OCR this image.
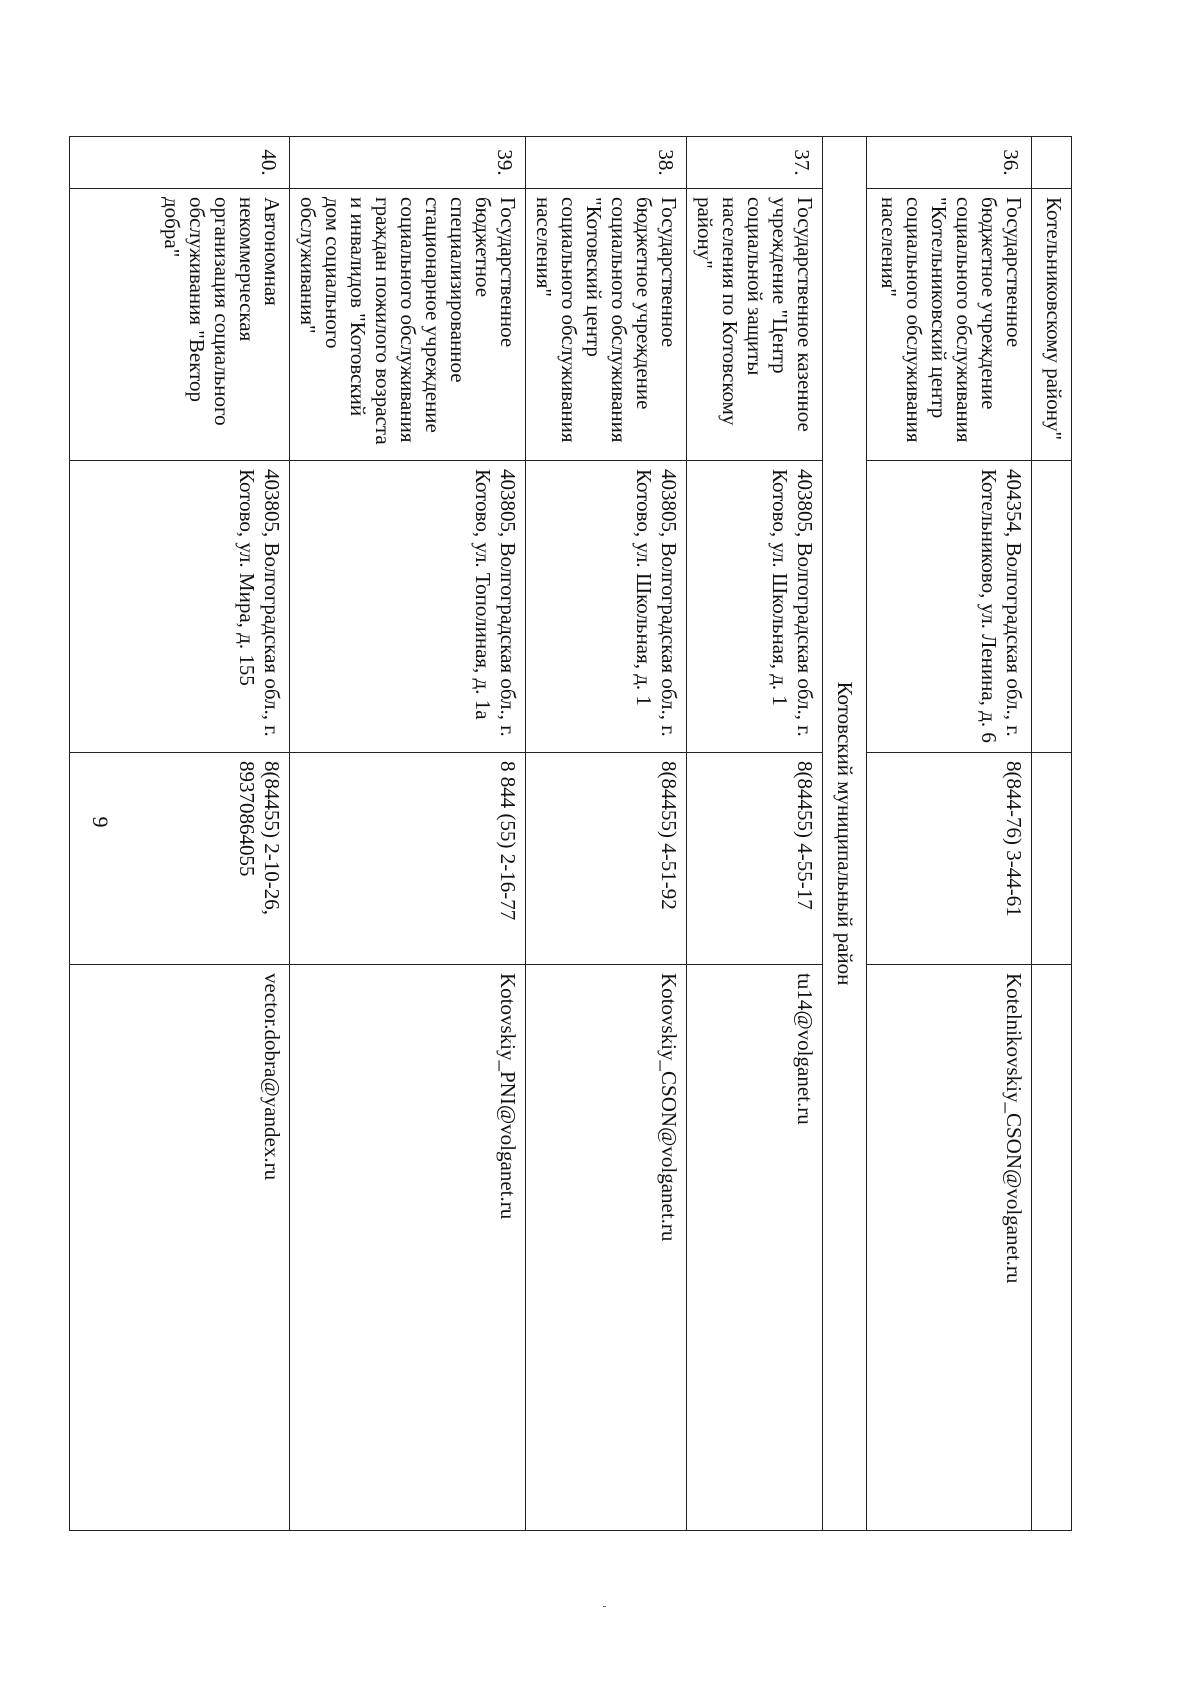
9
	Котельниковскому району"			
36.	Государственное бюджетное учреждение социального обслуживания "Котельниковский центр социального обслуживания населения"	404354, Волгоградская обл., г. Котельниково, ул. Ленина, д. 6	8(844-76) 3-44-61	Kotelnikovskiy_CSON@volganet.ru
Котовский муниципальный район				
37.	Государственное казенное учреждение "Центр социальной защиты населения по Котовскому району"	403805, Волгоградская обл., г. Котово, ул. Школьная, д. 1	8(84455) 4-55-17	tu14@volganet.ru
38.	Государственное бюджетное учреждение социального обслуживания "Котовский центр социального обслуживания населения"	403805, Волгоградская обл., г. Котово, ул. Школьная, д. 1	8(84455) 4-51-92	Kotovskiy_CSON@volganet.ru
39.	Государственное бюджетное специализированное стационарное учреждение социального обслуживания граждан пожилого возраста и инвалидов "Котовский дом социального обслуживания"	403805, Волгоградская обл., г. Котово, ул. Тополиная, д. 1а	8 844 (55) 2-16-77	Kotovskiy_PNI@volganet.ru
40.	Автономная некоммерческая организация социального обслуживания "Вектор добра"	403805, Волгоградская обл., г. Котово, ул. Мира, д. 155	8(84455) 2-10-26, 89370864055	vector.dobra@yandex.ru
